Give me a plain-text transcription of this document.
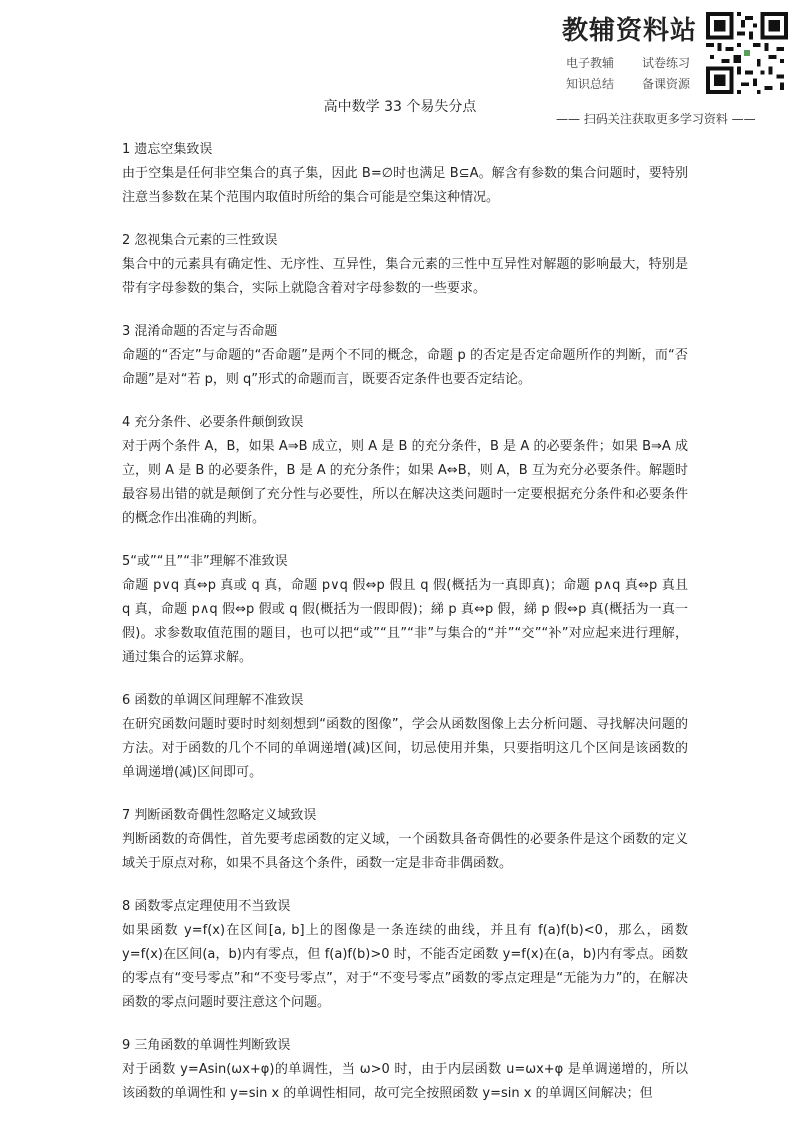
教辅资料站
电子教辅	试卷练习
知识总结	备课资源
—— 扫码关注获取更多学习资料 ——
高中数学 33 个易失分点
1 遗忘空集致误

由于空集是任何非空集合的真子集，因此 B=∅时也满足 B⊆A。解含有参数的集合问题时，要特别注意当参数在某个范围内取值时所给的集合可能是空集这种情况。

2 忽视集合元素的三性致误

集合中的元素具有确定性、无序性、互异性，集合元素的三性中互异性对解题的影响最大，特别是带有字母参数的集合，实际上就隐含着对字母参数的一些要求。

3 混淆命题的否定与否命题

命题的“否定”与命题的“否命题”是两个不同的概念，命题 p 的否定是否定命题所作的判断，而“否命题”是对“若 p，则 q”形式的命题而言，既要否定条件也要否定结论。

4 充分条件、必要条件颠倒致误

对于两个条件 A，B，如果 A⇒B 成立，则 A 是 B 的充分条件，B 是 A 的必要条件；如果 B⇒A 成立，则 A 是 B 的必要条件，B 是 A 的充分条件；如果 A⇔B，则 A，B 互为充分必要条件。解题时最容易出错的就是颠倒了充分性与必要性，所以在解决这类问题时一定要根据充分条件和必要条件的概念作出准确的判断。

5“或”“且”“非”理解不准致误

命题 p∨q 真⇔p 真或 q 真，命题 p∨q 假⇔p 假且 q 假(概括为一真即真)；命题 p∧q 真⇔p 真且 q 真，命题 p∧q 假⇔p 假或 q 假(概括为一假即假)；綈 p 真⇔p 假，綈 p 假⇔p 真(概括为一真一假)。求参数取值范围的题目，也可以把“或”“且”“非”与集合的“并”“交”“补”对应起来进行理解，通过集合的运算求解。

6 函数的单调区间理解不准致误

在研究函数问题时要时时刻刻想到“函数的图像”，学会从函数图像上去分析问题、寻找解决问题的方法。对于函数的几个不同的单调递增(减)区间，切忌使用并集，只要指明这几个区间是该函数的单调递增(减)区间即可。

7 判断函数奇偶性忽略定义域致误

判断函数的奇偶性，首先要考虑函数的定义域，一个函数具备奇偶性的必要条件是这个函数的定义域关于原点对称，如果不具备这个条件，函数一定是非奇非偶函数。

8 函数零点定理使用不当致误

如果函数 y=f(x)在区间[a, b]上的图像是一条连续的曲线，并且有 f(a)f(b)<0，那么，函数 y=f(x)在区间(a，b)内有零点，但 f(a)f(b)>0 时，不能否定函数 y=f(x)在(a，b)内有零点。函数的零点有“变号零点”和“不变号零点”，对于“不变号零点”函数的零点定理是“无能为力”的，在解决函数的零点问题时要注意这个问题。

9 三角函数的单调性判断致误

对于函数 y=Asin(ωx+φ)的单调性，当 ω>0 时，由于内层函数 u=ωx+φ 是单调递增的，所以该函数的单调性和 y=sin x 的单调性相同，故可完全按照函数 y=sin x 的单调区间解决；但
